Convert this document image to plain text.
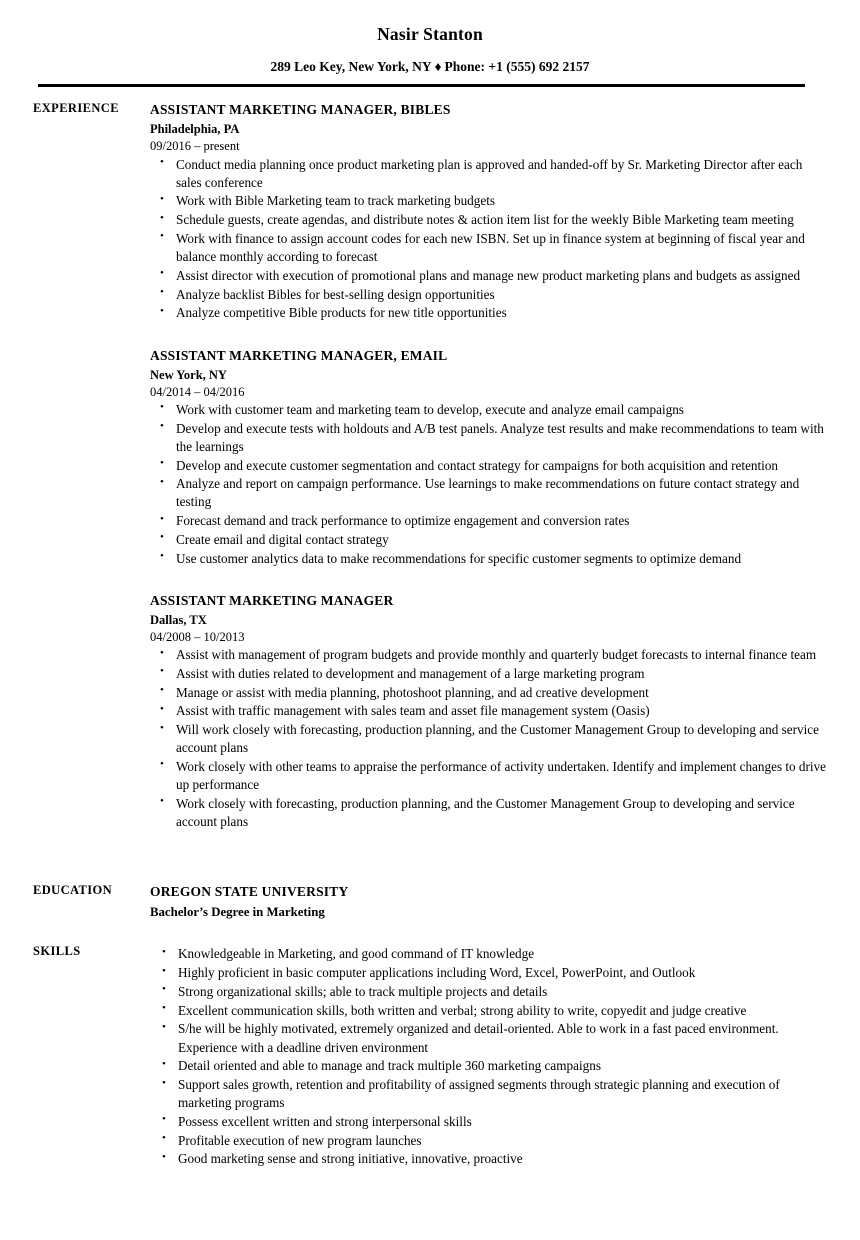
Nasir Stanton
289 Leo Key, New York, NY ♦ Phone: +1 (555) 692 2157
EXPERIENCE	ASSISTANT MARKETING MANAGER, BIBLES
Philadelphia, PA
09/2016 – present
• Conduct media planning once product marketing plan is approved and handed-off by Sr. Marketing Director after each sales conference
• Work with Bible Marketing team to track marketing budgets
• Schedule guests, create agendas, and distribute notes & action item list for the weekly Bible Marketing team meeting
• Work with finance to assign account codes for each new ISBN. Set up in finance system at beginning of fiscal year and balance monthly according to forecast
• Assist director with execution of promotional plans and manage new product marketing plans and budgets as assigned
• Analyze backlist Bibles for best-selling design opportunities
• Analyze competitive Bible products for new title opportunities
ASSISTANT MARKETING MANAGER, EMAIL
New York, NY
04/2014 – 04/2016
• Work with customer team and marketing team to develop, execute and analyze email campaigns
• Develop and execute tests with holdouts and A/B test panels. Analyze test results and make recommendations to team with the learnings
• Develop and execute customer segmentation and contact strategy for campaigns for both acquisition and retention
• Analyze and report on campaign performance. Use learnings to make recommendations on future contact strategy and testing
• Forecast demand and track performance to optimize engagement and conversion rates
• Create email and digital contact strategy
• Use customer analytics data to make recommendations for specific customer segments to optimize demand
ASSISTANT MARKETING MANAGER
Dallas, TX
04/2008 – 10/2013
• Assist with management of program budgets and provide monthly and quarterly budget forecasts to internal finance team
• Assist with duties related to development and management of a large marketing program
• Manage or assist with media planning, photoshoot planning, and ad creative development
• Assist with traffic management with sales team and asset file management system (Oasis)
• Will work closely with forecasting, production planning, and the Customer Management Group to developing and service account plans
• Work closely with other teams to appraise the performance of activity undertaken. Identify and implement changes to drive up performance
• Work closely with forecasting, production planning, and the Customer Management Group to developing and service account plans
EDUCATION	OREGON STATE UNIVERSITY
Bachelor’s Degree in Marketing
SKILLS	• Knowledgeable in Marketing, and good command of IT knowledge
• Highly proficient in basic computer applications including Word, Excel, PowerPoint, and Outlook
• Strong organizational skills; able to track multiple projects and details
• Excellent communication skills, both written and verbal; strong ability to write, copyedit and judge creative
• S/he will be highly motivated, extremely organized and detail-oriented. Able to work in a fast paced environment. Experience with a deadline driven environment
• Detail oriented and able to manage and track multiple 360 marketing campaigns
• Support sales growth, retention and profitability of assigned segments through strategic planning and execution of marketing programs
• Possess excellent written and strong interpersonal skills
• Profitable execution of new program launches
• Good marketing sense and strong initiative, innovative, proactive
